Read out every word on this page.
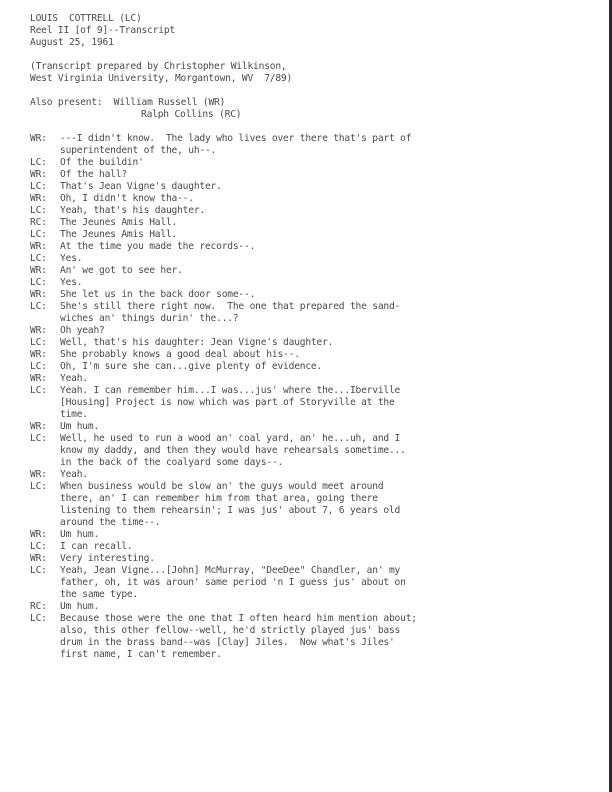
LOUIS  COTTRELL (LC)
Reel II [of 9]--Transcript
August 25, 1961
(Transcript prepared by Christopher Wilkinson,
West Virginia University, Morgantown, WV  7/89)
Also present: William Russell (WR)
Ralph Collins (RC)
WR:	---I didn't know.  The lady who lives over there that's part of
superintendent of the, uh--.
LC:	Of the buildin'
WR:	Of the hall?
LC:	That's Jean Vigne's daughter.
WR:	Oh, I didn't know tha--.
LC:	Yeah, that's his daughter.
RC:	The Jeunes Amis Hall.
LC:	The Jeunes Amis Hall.
WR:	At the time you made the records--.
LC:	Yes.
WR:	An' we got to see her.
LC:	Yes.
WR:	She let us in the back door some--.
LC:	She's still there right now.  The one that prepared the sand-
wiches an' things durin' the...?
WR:	Oh yeah?
LC:	Well, that's his daughter: Jean Vigne's daughter.
WR:	She probably knows a good deal about his--.
LC:	Oh, I'm sure she can...give plenty of evidence.
WR:	Yeah.
LC:	Yeah. I can remember him...I was...jus' where the...Iberville
[Housing] Project is now which was part of Storyville at the
time.
WR:	Um hum.
LC:	Well, he used to run a wood an' coal yard, an' he...uh, and I
know my daddy, and then they would have rehearsals sometime...
in the back of the coalyard some days--.
WR:	Yeah.
LC:	When business would be slow an' the guys would meet around
there, an' I can remember him from that area, going there
listening to them rehearsin'; I was jus' about 7, 6 years old
around the time--.
WR:	Um hum.
LC:	I can recall.
WR:	Very interesting.
LC:	Yeah, Jean Vigne...[John] McMurray, "DeeDee" Chandler, an' my
father, oh, it was aroun' same period 'n I guess jus' about on
the same type.
RC:	Um hum.
LC:	Because those were the one that I often heard him mention about;
also, this other fellow--well, he'd strictly played jus' bass
drum in the brass band--was [Clay] Jiles.  Now what's Jiles'
first name, I can't remember.
